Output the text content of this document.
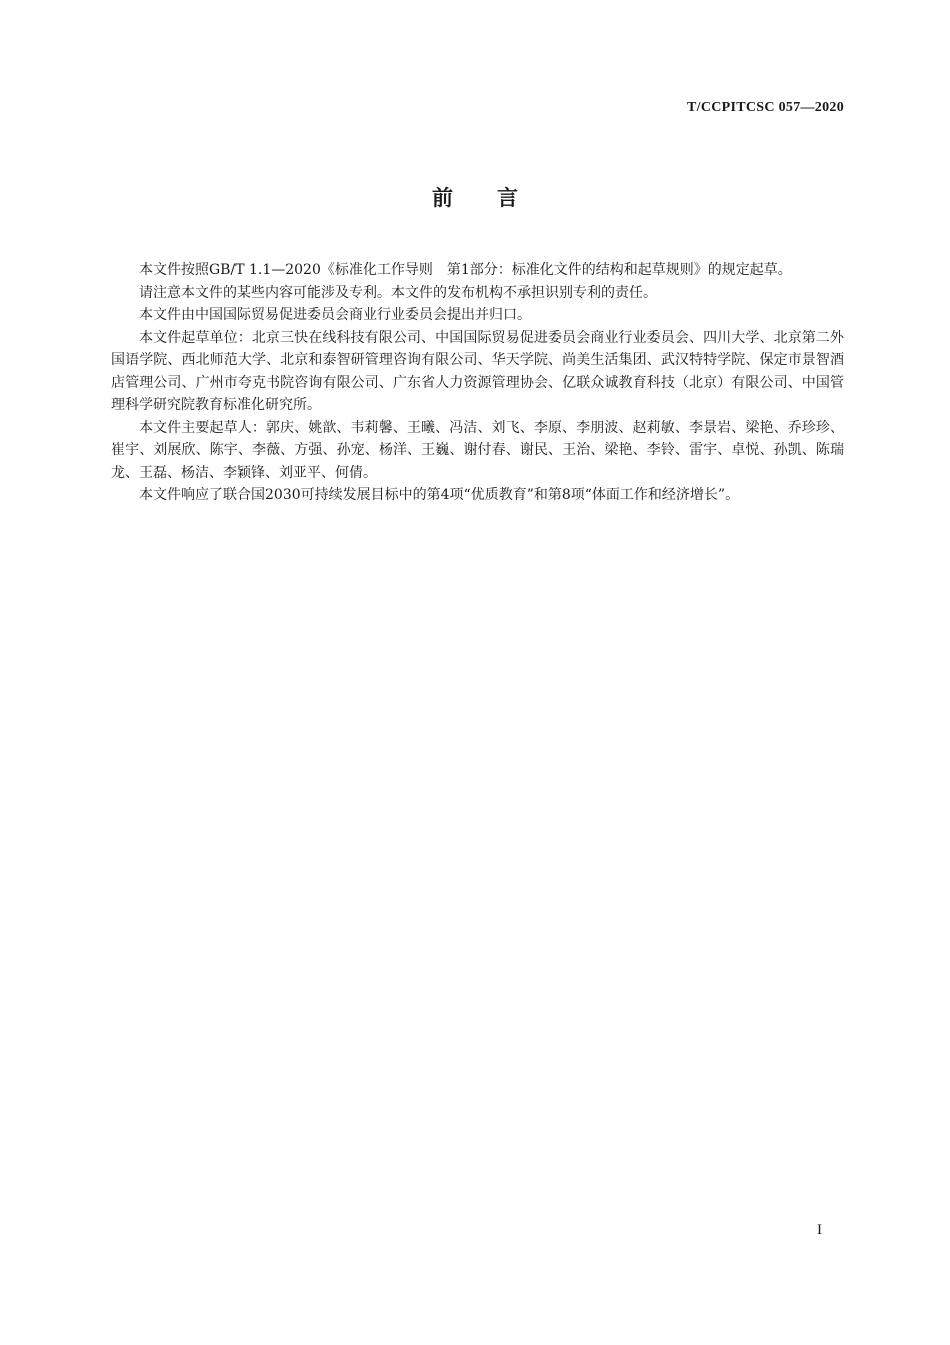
T/CCPITCSC 057—2020
前言

本文件按照GB/T 1.1—2020《标准化工作导则　第1部分：标准化文件的结构和起草规则》的规定起草。

请注意本文件的某些内容可能涉及专利。本文件的发布机构不承担识别专利的责任。

本文件由中国国际贸易促进委员会商业行业委员会提出并归口。

本文件起草单位：北京三快在线科技有限公司、中国国际贸易促进委员会商业行业委员会、四川大学、北京第二外国语学院、西北师范大学、北京和泰智研管理咨询有限公司、华天学院、尚美生活集团、武汉特特学院、保定市景智酒店管理公司、广州市夸克书院咨询有限公司、广东省人力资源管理协会、亿联众诚教育科技（北京）有限公司、中国管理科学研究院教育标准化研究所。

本文件主要起草人：郭庆、姚歆、韦莉馨、王曦、冯洁、刘飞、李原、李朋波、赵莉敏、李景岩、梁艳、乔珍珍、崔宇、刘展欣、陈宇、李薇、方强、孙宠、杨洋、王巍、谢付春、谢民、王治、梁艳、李铃、雷宇、卓悦、孙凯、陈瑞龙、王磊、杨洁、李颖锋、刘亚平、何倩。

本文件响应了联合国2030可持续发展目标中的第4项“优质教育”和第8项“体面工作和经济增长”。

I
